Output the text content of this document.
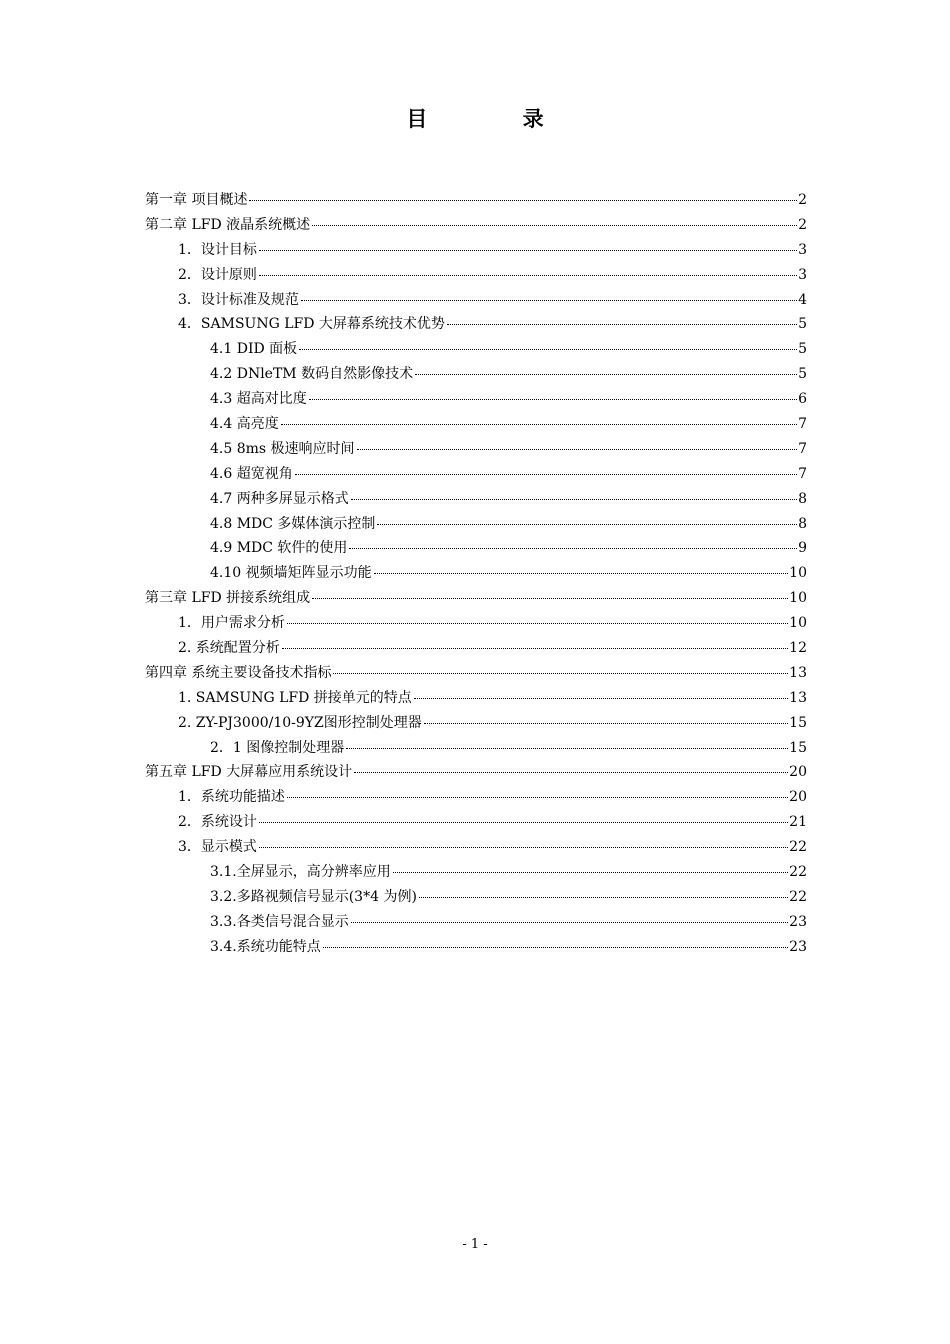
目 录
第一章 项目概述	2
第二章 LFD 液晶系统概述	2
1．设计目标	3
2．设计原则	3
3．设计标准及规范	4
4．SAMSUNG LFD 大屏幕系统技术优势	5
4.1 DID 面板	5
4.2 DNleTM 数码自然影像技术	5
4.3 超高对比度	6
4.4 高亮度	7
4.5 8ms 极速响应时间	7
4.6 超宽视角	7
4.7 两种多屏显示格式	8
4.8 MDC 多媒体演示控制	8
4.9 MDC 软件的使用	9
4.10 视频墙矩阵显示功能	10
第三章 LFD 拼接系统组成	10
1．用户需求分析	10
2. 系统配置分析	12
第四章 系统主要设备技术指标	13
1. SAMSUNG LFD 拼接单元的特点	13
2. ZY-PJ3000/10-9YZ图形控制处理器	15
2．1 图像控制处理器	15
第五章 LFD 大屏幕应用系统设计	20
1．系统功能描述	20
2．系统设计	21
3．显示模式	22
3.1.全屏显示，高分辨率应用	22
3.2.多路视频信号显示(3*4 为例)	22
3.3.各类信号混合显示	23
3.4.系统功能特点	23
- 1 -
